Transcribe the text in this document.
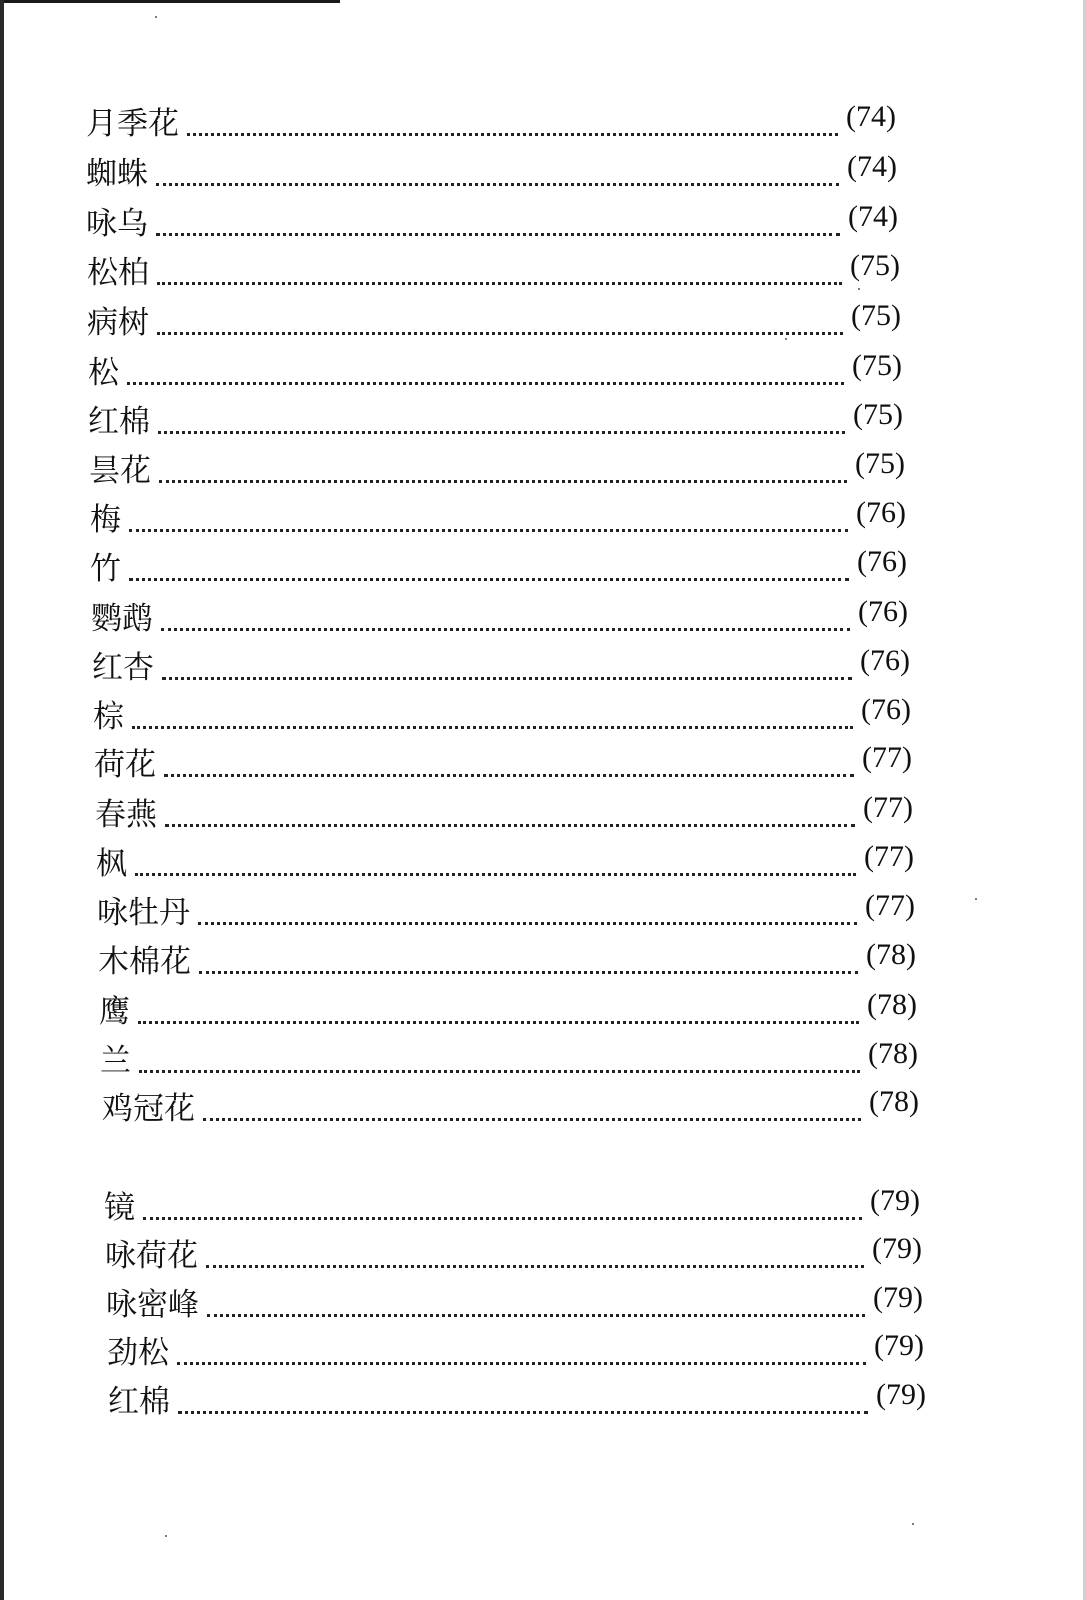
月季花	(74)
蜘蛛	(74)
咏乌	(74)
松柏	(75)
病树	(75)
松	(75)
红棉	(75)
昙花	(75)
梅	(76)
竹	(76)
鹦鹉	(76)
红杏	(76)
棕	(76)
荷花	(77)
春燕	(77)
枫	(77)
咏牡丹	(77)
木棉花	(78)
鹰	(78)
兰	(78)
鸡冠花	(78)
镜	(79)
咏荷花	(79)
咏密峰	(79)
劲松	(79)
红棉	(79)
